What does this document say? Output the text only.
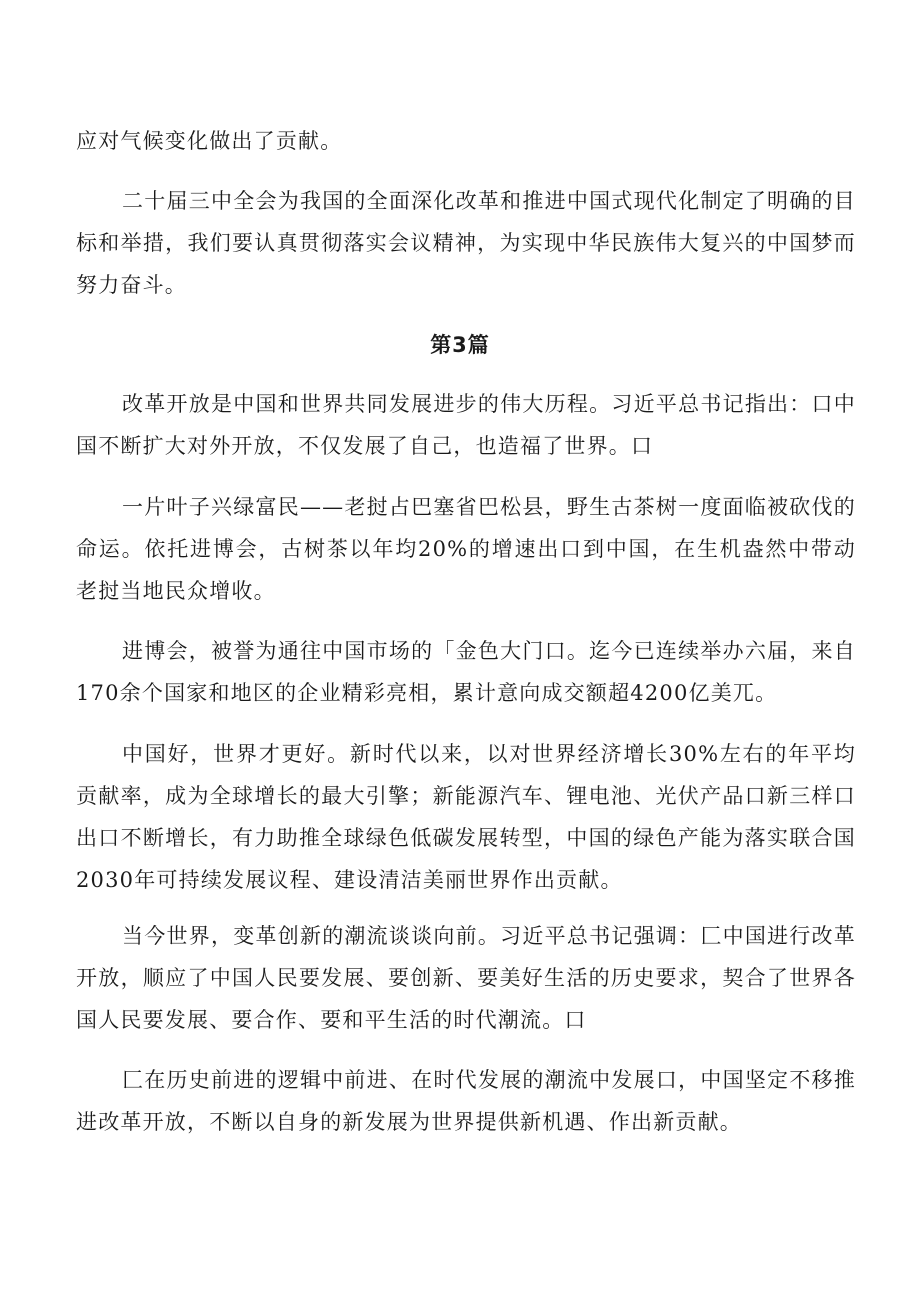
应对气候变化做出了贡献。

二十届三中全会为我国的全面深化改革和推进中国式现代化制定了明确的目标和举措，我们要认真贯彻落实会议精神，为实现中华民族伟大复兴的中国梦而努力奋斗。

第3篇

改革开放是中国和世界共同发展进步的伟大历程。习近平总书记指出：口中国不断扩大对外开放，不仅发展了自己，也造福了世界。口

一片叶子兴绿富民——老挝占巴塞省巴松县，野生古茶树一度面临被砍伐的命运。依托进博会，古树茶以年均20%的增速出口到中国，在生机盎然中带动老挝当地民众增收。

进博会，被誉为通往中国市场的「金色大门口。迄今已连续举办六届，来自170余个国家和地区的企业精彩亮相，累计意向成交额超4200亿美兀。

中国好，世界才更好。新时代以来，以对世界经济增长30%左右的年平均贡献率，成为全球增长的最大引擎；新能源汽车、锂电池、光伏产品口新三样口出口不断增长，有力助推全球绿色低碳发展转型，中国的绿色产能为落实联合国2030年可持续发展议程、建设清洁美丽世界作出贡献。

当今世界，变革创新的潮流谈谈向前。习近平总书记强调：匚中国进行改革开放，顺应了中国人民要发展、要创新、要美好生活的历史要求，契合了世界各国人民要发展、要合作、要和平生活的时代潮流。口

匚在历史前进的逻辑中前进、在时代发展的潮流中发展口，中国坚定不移推进改革开放，不断以自身的新发展为世界提供新机遇、作出新贡献。
